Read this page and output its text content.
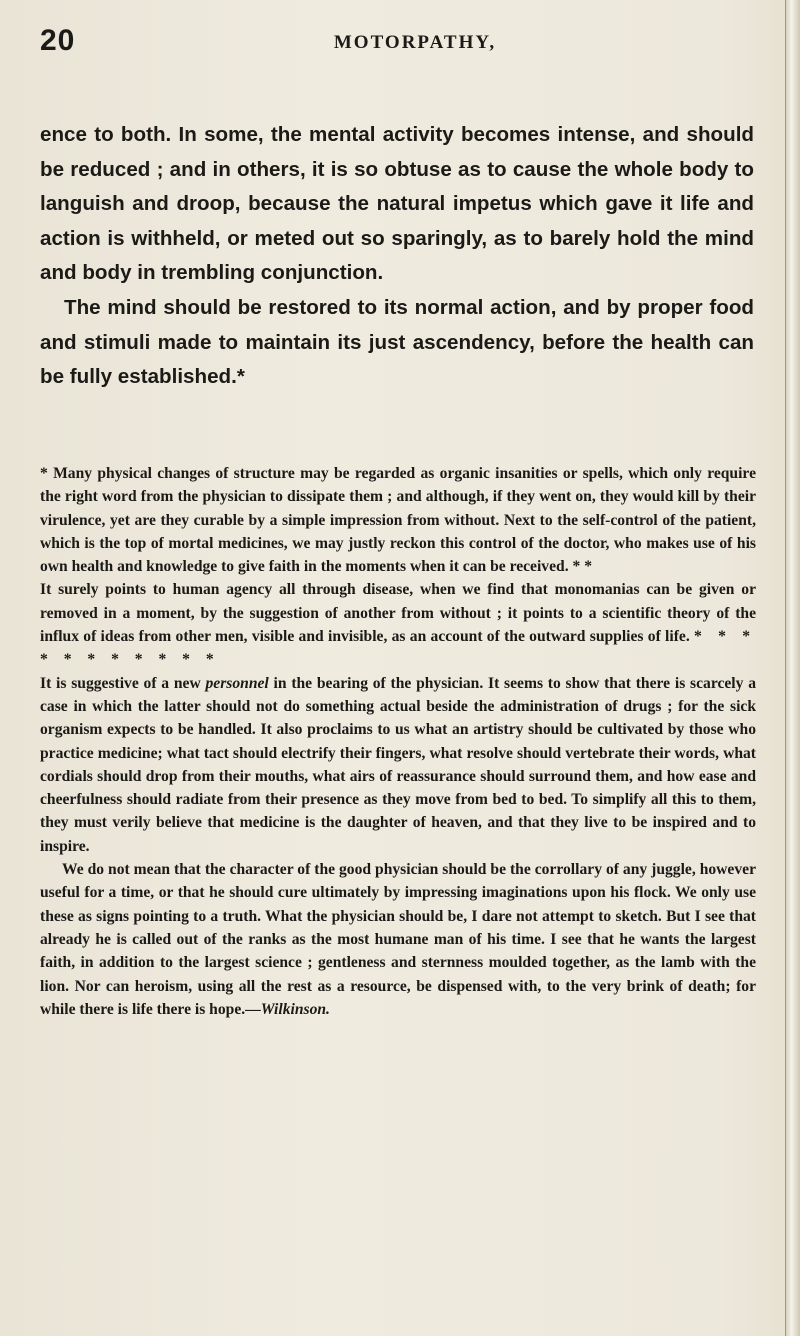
20	MOTORPATHY,

ence to both. In some, the mental activity becomes intense, and should be reduced ; and in others, it is so obtuse as to cause the whole body to languish and droop, because the natural impetus which gave it life and action is withheld, or meted out so sparingly, as to barely hold the mind and body in trembling conjunction.

The mind should be restored to its normal action, and by proper food and stimuli made to maintain its just ascendency, before the health can be fully established.*

* Many physical changes of structure may be regarded as organic insanities or spells, which only require the right word from the physician to dissipate them ; and although, if they went on, they would kill by their virulence, yet are they curable by a simple impression from without. Next to the self-control of the patient, which is the top of mortal medicines, we may justly reckon this control of the doctor, who makes use of his own health and knowledge to give faith in the moments when it can be received. * *

It surely points to human agency all through disease, when we find that monomanias can be given or removed in a moment, by the suggestion of another from without ; it points to a scientific theory of the influx of ideas from other men, visible and invisible, as an account of the outward supplies of life. * * * * * * * * * * *

It is suggestive of a new personnel in the bearing of the physician. It seems to show that there is scarcely a case in which the latter should not do something actual beside the administration of drugs ; for the sick organism expects to be handled. It also proclaims to us what an artistry should be cultivated by those who practice medicine; what tact should electrify their fingers, what resolve should vertebrate their words, what cordials should drop from their mouths, what airs of reassurance should surround them, and how ease and cheerfulness should radiate from their presence as they move from bed to bed. To simplify all this to them, they must verily believe that medicine is the daughter of heaven, and that they live to be inspired and to inspire.

We do not mean that the character of the good physician should be the corrollary of any juggle, however useful for a time, or that he should cure ultimately by impressing imaginations upon his flock. We only use these as signs pointing to a truth. What the physician should be, I dare not attempt to sketch. But I see that already he is called out of the ranks as the most humane man of his time. I see that he wants the largest faith, in addition to the largest science ; gentleness and sternness moulded together, as the lamb with the lion. Nor can heroism, using all the rest as a resource, be dispensed with, to the very brink of death; for while there is life there is hope.—Wilkinson.
